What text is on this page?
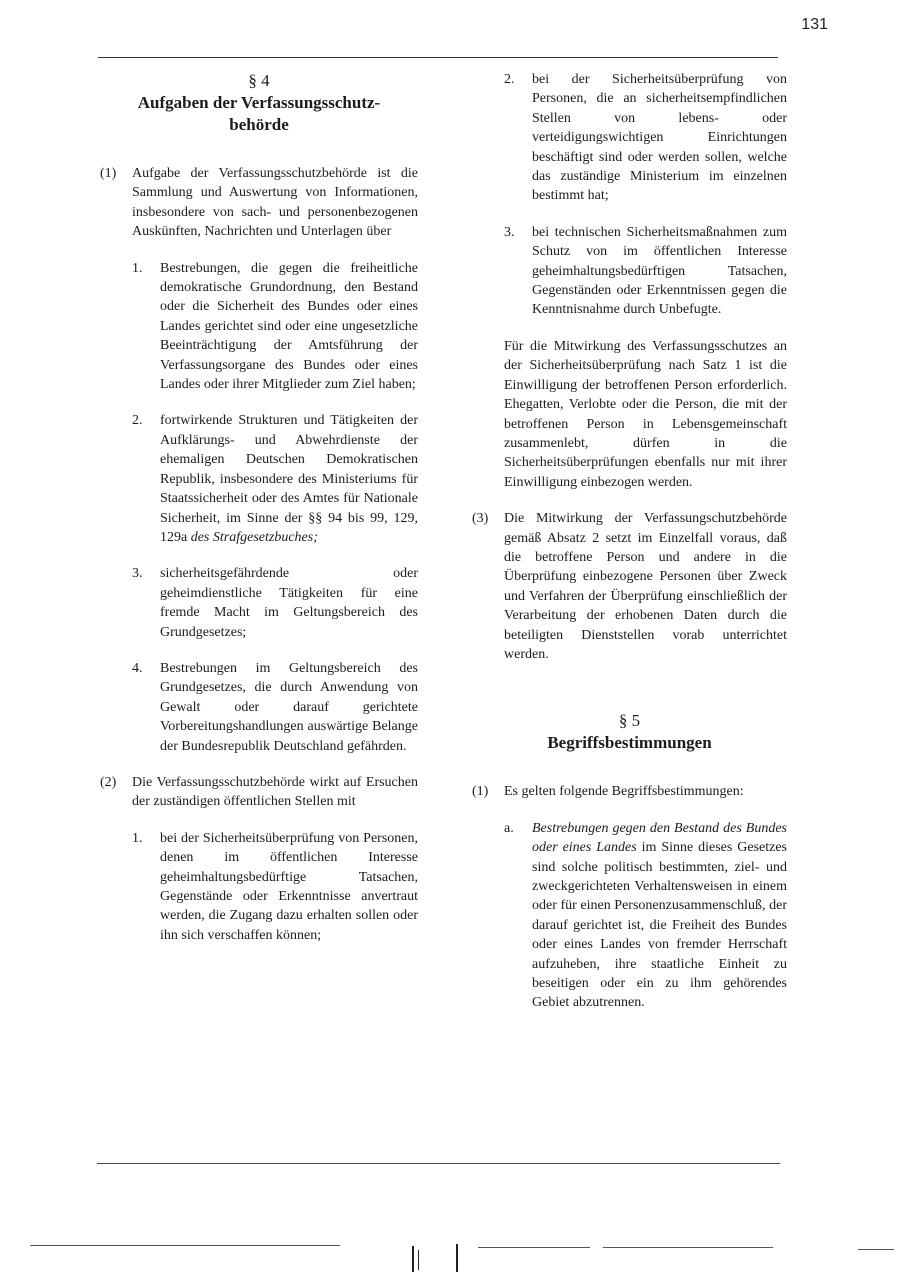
131
§ 4
Aufgaben der Verfassungsschutz-
behörde

(1) Aufgabe der Verfassungsschutzbehörde ist die Sammlung und Auswertung von Informationen, insbesondere von sach- und personenbezogenen Auskünften, Nachrichten und Unterlagen über

1. Bestrebungen, die gegen die freiheitliche demokratische Grundordnung, den Bestand oder die Sicherheit des Bundes oder eines Landes gerichtet sind oder eine ungesetzliche Beeinträchtigung der Amtsführung der Verfassungsorgane des Bundes oder eines Landes oder ihrer Mitglieder zum Ziel haben;

2. fortwirkende Strukturen und Tätigkeiten der Aufklärungs- und Abwehrdienste der ehemaligen Deutschen Demokratischen Republik, insbesondere des Ministeriums für Staatssicherheit oder des Amtes für Nationale Sicherheit, im Sinne der §§ 94 bis 99, 129, 129a des Strafgesetzbuches;

3. sicherheitsgefährdende oder geheimdienstliche Tätigkeiten für eine fremde Macht im Geltungsbereich des Grundgesetzes;

4. Bestrebungen im Geltungsbereich des Grundgesetzes, die durch Anwendung von Gewalt oder darauf gerichtete Vorbereitungshandlungen auswärtige Belange der Bundesrepublik Deutschland gefährden.

(2) Die Verfassungsschutzbehörde wirkt auf Ersuchen der zuständigen öffentlichen Stellen mit

1. bei der Sicherheitsüberprüfung von Personen, denen im öffentlichen Interesse geheimhaltungsbedürftige Tatsachen, Gegenstände oder Erkenntnisse anvertraut werden, die Zugang dazu erhalten sollen oder ihn sich verschaffen können;

2. bei der Sicherheitsüberprüfung von Personen, die an sicherheitsempfindlichen Stellen von lebens- oder verteidigungswichtigen Einrichtungen beschäftigt sind oder werden sollen, welche das zuständige Ministerium im einzelnen bestimmt hat;

3. bei technischen Sicherheitsmaßnahmen zum Schutz von im öffentlichen Interesse geheimhaltungsbedürftigen Tatsachen, Gegenständen oder Erkenntnissen gegen die Kenntnisnahme durch Unbefugte.

Für die Mitwirkung des Verfassungsschutzes an der Sicherheitsüberprüfung nach Satz 1 ist die Einwilligung der betroffenen Person erforderlich. Ehegatten, Verlobte oder die Person, die mit der betroffenen Person in Lebensgemeinschaft zusammenlebt, dürfen in die Sicherheitsüberprüfungen ebenfalls nur mit ihrer Einwilligung einbezogen werden.

(3) Die Mitwirkung der Verfassungschutzbehörde gemäß Absatz 2 setzt im Einzelfall voraus, daß die betroffene Person und andere in die Überprüfung einbezogene Personen über Zweck und Verfahren der Überprüfung einschließlich der Verarbeitung der erhobenen Daten durch die beteiligten Dienststellen vorab unterrichtet werden.

§ 5
Begriffsbestimmungen

(1) Es gelten folgende Begriffsbestimmungen:

a. Bestrebungen gegen den Bestand des Bundes oder eines Landes im Sinne dieses Gesetzes sind solche politisch bestimmten, ziel- und zweckgerichteten Verhaltensweisen in einem oder für einen Personenzusammenschluß, der darauf gerichtet ist, die Freiheit des Bundes oder eines Landes von fremder Herrschaft aufzuheben, ihre staatliche Einheit zu beseitigen oder ein zu ihm gehörendes Gebiet abzutrennen.
